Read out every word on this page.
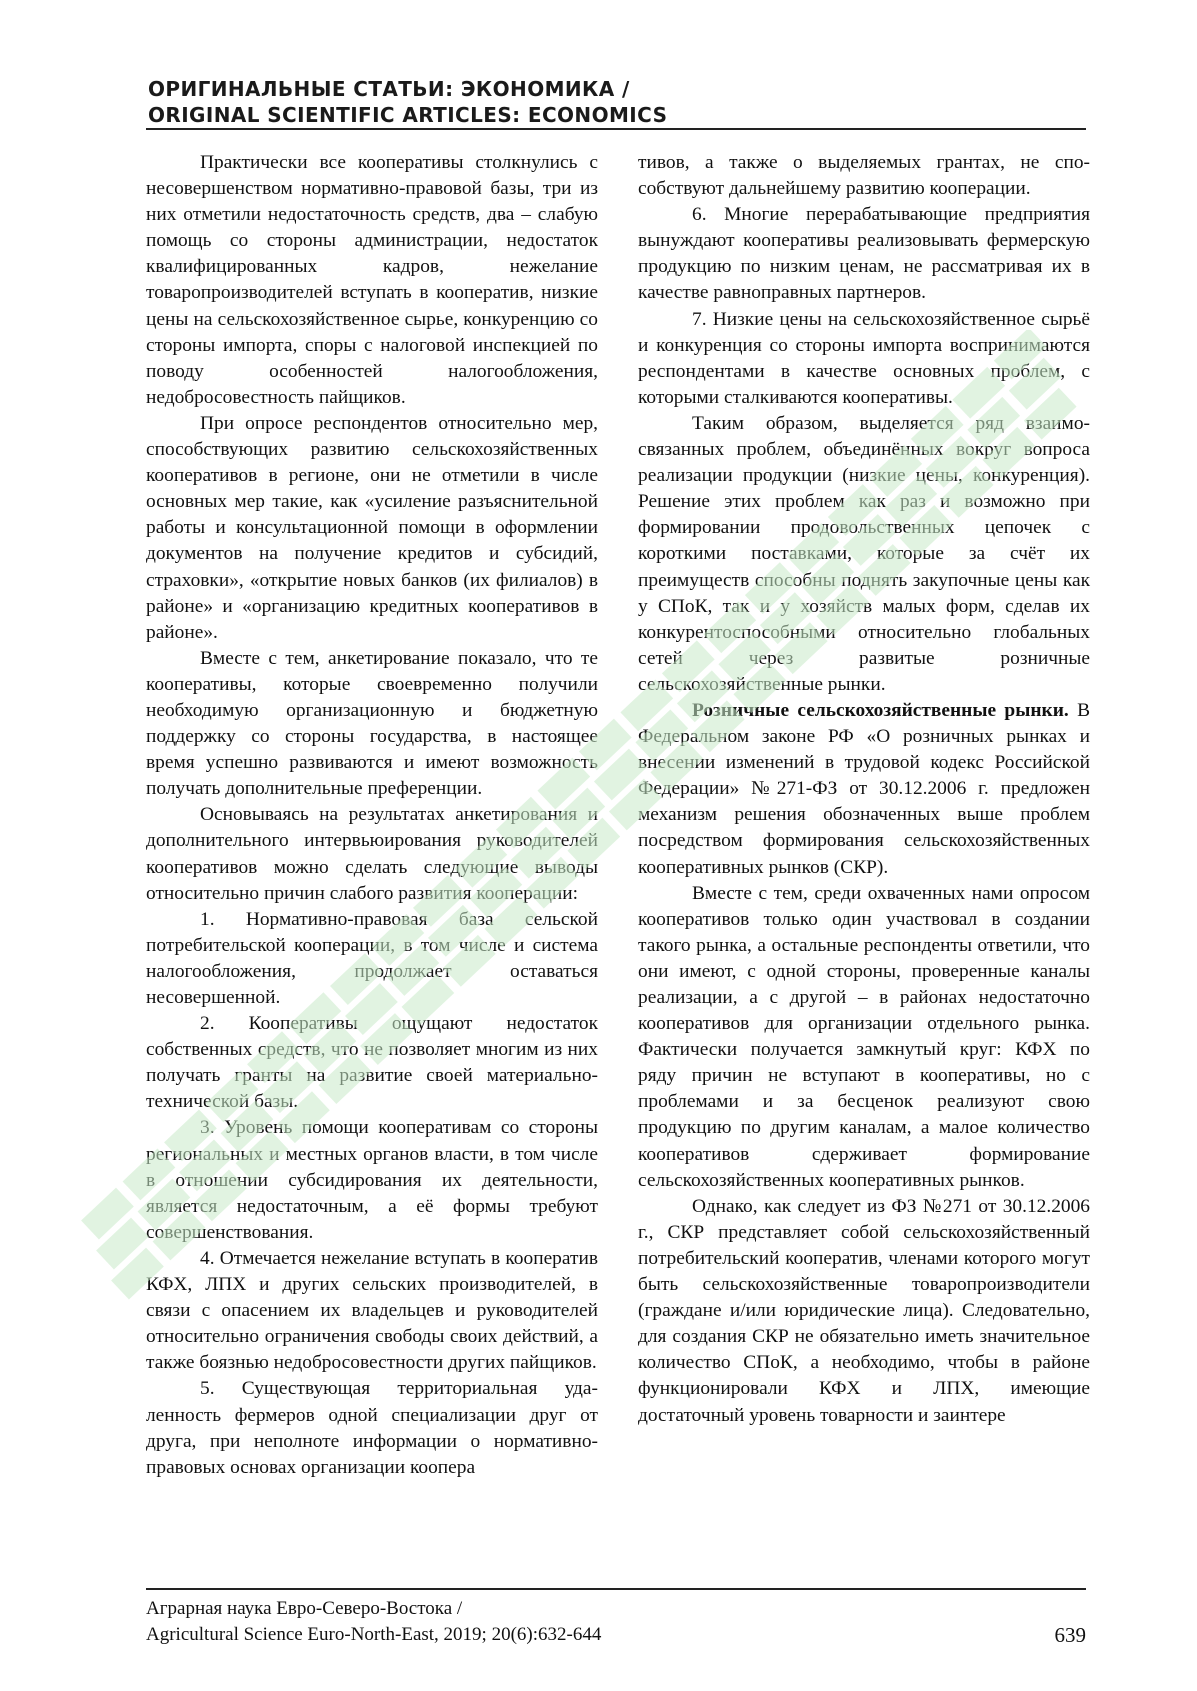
ОРИГИНАЛЬНЫЕ СТАТЬИ: ЭКОНОМИКА /
ORIGINAL SCIENTIFIC ARTICLES: ECONOMICS

Практически все кооперативы столкнулись с несовершенством нормативно-правовой базы, три из них отметили недостаточность средств, два – слабую помощь со стороны администрации, недостаток квалифицированных кадров, нежелание товаропроизводителей вступать в кооператив, низкие цены на сельскохозяйственное сырье, конкуренцию со стороны импорта, споры с налоговой инспекцией по поводу особенностей налогообложения, недобросовестность пайщиков.

При опросе респондентов относительно мер, способствующих развитию сельскохозяйственных кооперативов в регионе, они не отметили в числе основных мер такие, как «усиление разъяснительной работы и консультационной помощи в оформлении документов на получение кредитов и субсидий, страховки», «открытие новых банков (их филиалов) в районе» и «организацию кредитных кооперативов в районе».

Вместе с тем, анкетирование показало, что те кооперативы, которые своевременно получили необходимую организационную и бюджетную поддержку со стороны государства, в настоящее время успешно развиваются и имеют возможность получать дополнительные преференции.

Основываясь на результатах анкетирования и дополнительного интервьюирования руководителей кооперативов можно сделать следующие выводы относительно причин слабого развития кооперации:

1. Нормативно-правовая база сельской потребительской кооперации, в том числе и система налогообложения, продолжает оставаться несовершенной.

2. Кооперативы ощущают недостаток собственных средств, что не позволяет многим из них получать гранты на развитие своей материально-технической базы.

3. Уровень помощи кооперативам со стороны региональных и местных органов власти, в том числе в отношении субсидирования их деятельности, является недостаточным, а её формы требуют совершенствования.

4. Отмечается нежелание вступать в кооператив КФХ, ЛПХ и других сельских производителей, в связи с опасением их владельцев и руководителей относительно ограничения свободы своих действий, а также боязнью недобросовестности других пайщиков.

5. Существующая территориальная удаленность фермеров одной специализации друг от друга, при неполноте информации о нормативно-правовых основах организации коопера

тивов, а также о выделяемых грантах, не способствуют дальнейшему развитию кооперации.

6. Многие перерабатывающие предприятия вынуждают кооперативы реализовывать фермерскую продукцию по низким ценам, не рассматривая их в качестве равноправных партнеров.

7. Низкие цены на сельскохозяйственное сырьё и конкуренция со стороны импорта воспринимаются респондентами в качестве основных проблем, с которыми сталкиваются кооперативы.

Таким образом, выделяется ряд взаимосвязанных проблем, объединённых вокруг вопроса реализации продукции (низкие цены, конкуренция). Решение этих проблем как раз и возможно при формировании продовольственных цепочек с короткими поставками, которые за счёт их преимуществ способны поднять закупочные цены как у СПоК, так и у хозяйств малых форм, сделав их конкурентоспособными относительно глобальных сетей через развитые розничные сельскохозяйственные рынки.

Розничные сельскохозяйственные рынки. В Федеральном законе РФ «О розничных рынках и внесении изменений в трудовой кодекс Российской Федерации» №271-ФЗ от 30.12.2006 г. предложен механизм решения обозначенных выше проблем посредством формирования сельскохозяйственных кооперативных рынков (СКР).

Вместе с тем, среди охваченных нами опросом кооперативов только один участвовал в создании такого рынка, а остальные респонденты ответили, что они имеют, с одной стороны, проверенные каналы реализации, а с другой – в районах недостаточно кооперативов для организации отдельного рынка. Фактически получается замкнутый круг: КФХ по ряду причин не вступают в кооперативы, но с проблемами и за бесценок реализуют свою продукцию по другим каналам, а малое количество кооперативов сдерживает формирование сельскохозяйственных кооперативных рынков.

Однако, как следует из ФЗ №271 от 30.12.2006 г., СКР представляет собой сельскохозяйственный потребительский кооператив, членами которого могут быть сельскохозяйственные товаропроизводители (граждане и/или юридические лица). Следовательно, для создания СКР не обязательно иметь значительное количество СПоК, а необходимо, чтобы в районе функционировали КФХ и ЛПХ, имеющие достаточный уровень товарности и заинтере

Аграрная наука Евро-Северо-Востока /
Agricultural Science Euro-North-East, 2019; 20(6):632-644	639
